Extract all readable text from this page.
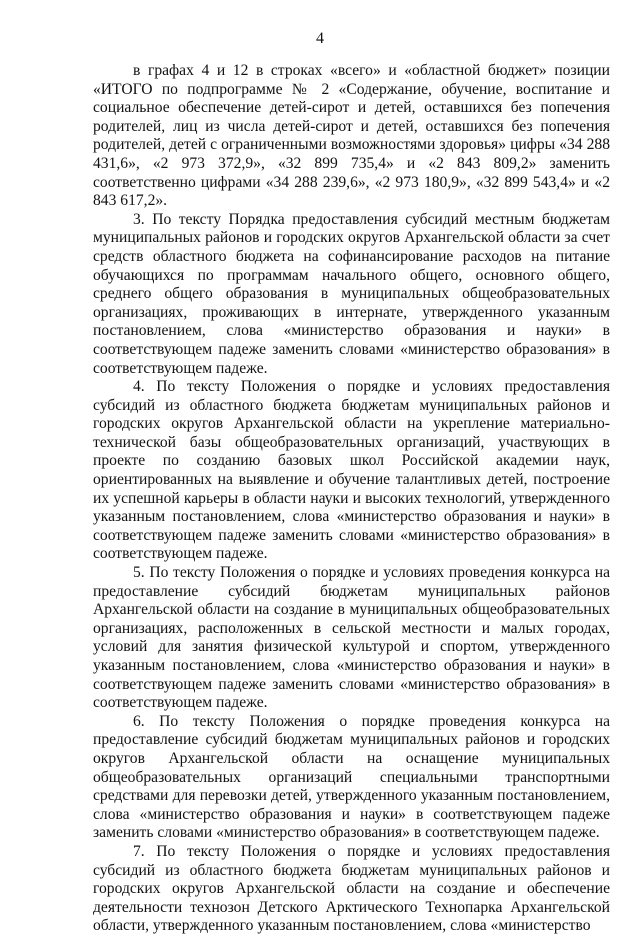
4

в графах 4 и 12 в строках «всего» и «областной бюджет» позиции «ИТОГО по подпрограмме № 2 «Содержание, обучение, воспитание и социальное обеспечение детей-сирот и детей, оставшихся без попечения родителей, лиц из числа детей-сирот и детей, оставшихся без попечения родителей, детей с ограниченными возможностями здоровья» цифры «34 288 431,6», «2 973 372,9», «32 899 735,4» и «2 843 809,2» заменить соответственно цифрами «34 288 239,6», «2 973 180,9», «32 899 543,4» и «2 843 617,2».

3. По тексту Порядка предоставления субсидий местным бюджетам муниципальных районов и городских округов Архангельской области за счет средств областного бюджета на софинансирование расходов на питание обучающихся по программам начального общего, основного общего, среднего общего образования в муниципальных общеобразовательных организациях, проживающих в интернате, утвержденного указанным постановлением, слова «министерство образования и науки» в соответствующем падеже заменить словами «министерство образования» в соответствующем падеже.

4. По тексту Положения о порядке и условиях предоставления субсидий из областного бюджета бюджетам муниципальных районов и городских округов Архангельской области на укрепление материально-технической базы общеобразовательных организаций, участвующих в проекте по созданию базовых школ Российской академии наук, ориентированных на выявление и обучение талантливых детей, построение их успешной карьеры в области науки и высоких технологий, утвержденного указанным постановлением, слова «министерство образования и науки» в соответствующем падеже заменить словами «министерство образования» в соответствующем падеже.

5. По тексту Положения о порядке и условиях проведения конкурса на предоставление субсидий бюджетам муниципальных районов Архангельской области на создание в муниципальных общеобразовательных организациях, расположенных в сельской местности и малых городах, условий для занятия физической культурой и спортом, утвержденного указанным постановлением, слова «министерство образования и науки» в соответствующем падеже заменить словами «министерство образования» в соответствующем падеже.

6. По тексту Положения о порядке проведения конкурса на предоставление субсидий бюджетам муниципальных районов и городских округов Архангельской области на оснащение муниципальных общеобразовательных организаций специальными транспортными средствами для перевозки детей, утвержденного указанным постановлением, слова «министерство образования и науки» в соответствующем падеже заменить словами «министерство образования» в соответствующем падеже.

7. По тексту Положения о порядке и условиях предоставления субсидий из областного бюджета бюджетам муниципальных районов и городских округов Архангельской области на создание и обеспечение деятельности технозон Детского Арктического Технопарка Архангельской области, утвержденного указанным постановлением, слова «министерство
